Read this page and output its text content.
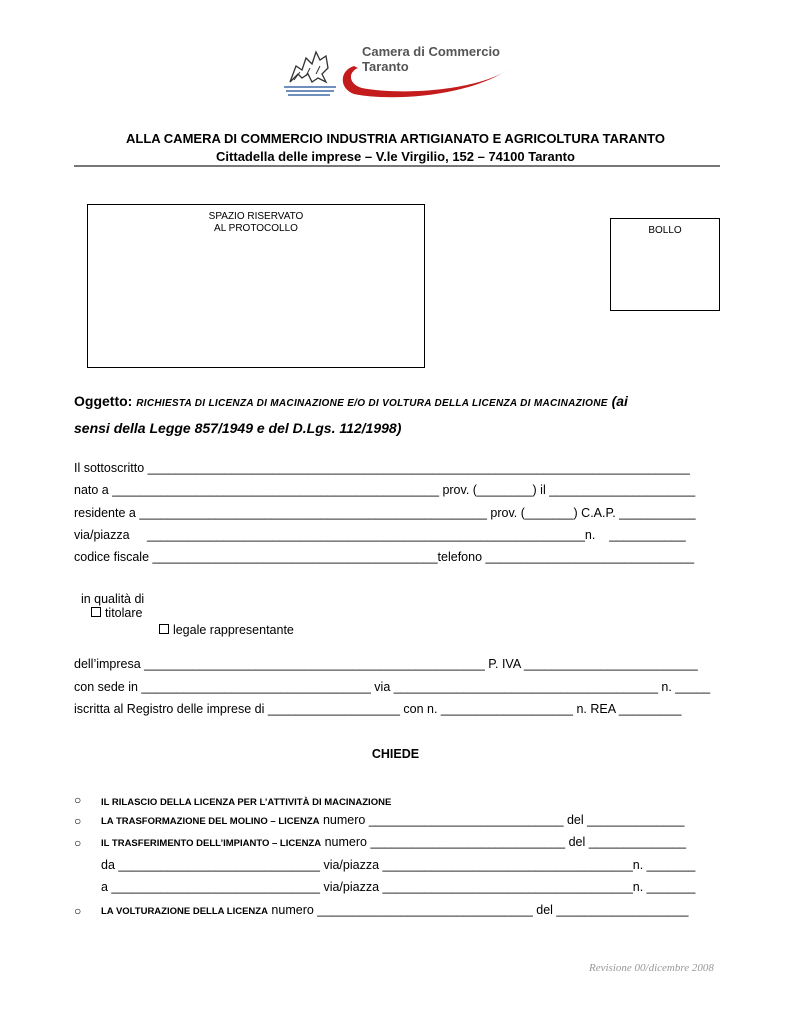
Camera di Commercio
Taranto
ALLA CAMERA DI COMMERCIO INDUSTRIA ARTIGIANATO E AGRICOLTURA TARANTO
Cittadella delle imprese – V.le Virgilio, 152 – 74100 Taranto
SPAZIO RISERVATO
AL PROTOCOLLO	BOLLO
Oggetto: RICHIESTA DI LICENZA DI MACINAZIONE E/O DI VOLTURA DELLA LICENZA DI MACINAZIONE (ai
sensi della Legge 857/1949 e del D.Lgs. 112/1998)
Il sottoscritto ______________________________________________________________________________
nato a _______________________________________________ prov. (________) il _____________________
residente a __________________________________________________ prov. (_______) C.A.P. ___________
via/piazza     _______________________________________________________________n.    ___________
codice fiscale _________________________________________telefono ______________________________

in qualità di
titolare

legale rappresentante

dell’impresa _________________________________________________ P. IVA _________________________
con sede in _________________________________ via ______________________________________ n. _____
iscritta al Registro delle imprese di ___________________ con n. ___________________ n. REA _________
CHIEDE
○ IL RILASCIO DELLA LICENZA PER L’ATTIVITÀ DI MACINAZIONE
○ LA TRASFORMAZIONE DEL MOLINO – LICENZA numero ____________________________ del ______________
○ IL TRASFERIMENTO DELL’IMPIANTO – LICENZA numero ____________________________ del ______________
da _____________________________ via/piazza ____________________________________n. _______
a ______________________________ via/piazza ____________________________________n. _______
○ LA VOLTURAZIONE DELLA LICENZA numero _______________________________ del ___________________
Revisione 00/dicembre 2008
